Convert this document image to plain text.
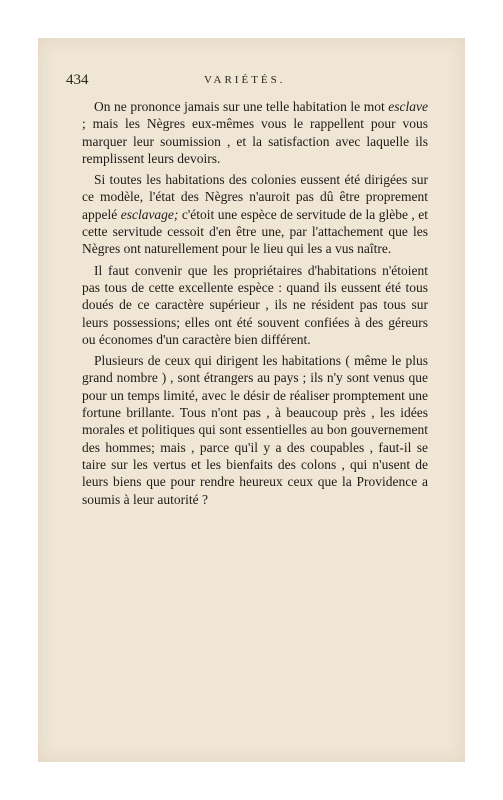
434	VARIÉTÉS.

On ne prononce jamais sur une telle habitation le mot esclave ; mais les Nègres eux-mêmes vous le rappellent pour vous marquer leur soumission , et la satisfaction avec laquelle ils remplissent leurs devoirs.

Si toutes les habitations des colonies eussent été dirigées sur ce modèle, l'état des Nègres n'auroit pas dû être proprement appelé esclavage; c'étoit une espèce de servitude de la glèbe , et cette servitude cessoit d'en être une, par l'attachement que les Nègres ont naturellement pour le lieu qui les a vus naître.

Il faut convenir que les propriétaires d'habitations n'étoient pas tous de cette excellente espèce : quand ils eussent été tous doués de ce caractère supérieur , ils ne résident pas tous sur leurs possessions; elles ont été souvent confiées à des géreurs ou économes d'un caractère bien différent.

Plusieurs de ceux qui dirigent les habitations ( même le plus grand nombre ) , sont étrangers au pays ; ils n'y sont venus que pour un temps limité, avec le désir de réaliser promptement une fortune brillante. Tous n'ont pas , à beaucoup près , les idées morales et politiques qui sont essentielles au bon gouvernement des hommes; mais , parce qu'il y a des coupables , faut-il se taire sur les vertus et les bienfaits des colons , qui n'usent de leurs biens que pour rendre heureux ceux que la Providence a soumis à leur autorité ?
